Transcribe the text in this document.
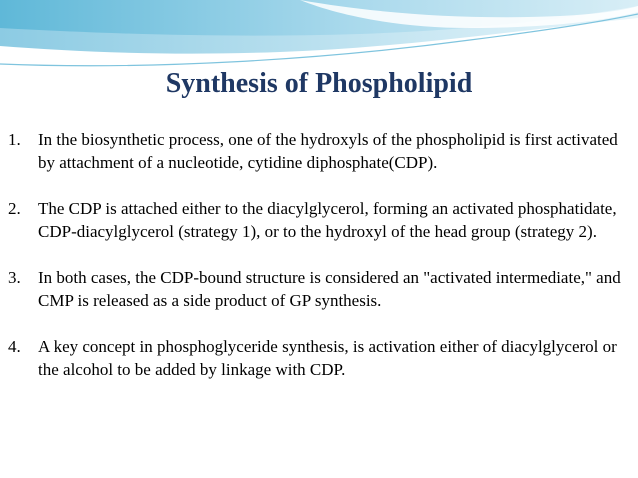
Synthesis of Phospholipid
1. In the biosynthetic process, one of the hydroxyls of the phospholipid is first activated by attachment of a nucleotide, cytidine diphosphate(CDP).
2. The CDP is attached either to the diacylglycerol, forming an activated phosphatidate, CDP-diacylglycerol (strategy 1), or to the hydroxyl of the head group (strategy 2).
3. In both cases, the CDP-bound structure is considered an "activated intermediate," and CMP is released as a side product of GP synthesis.
4. A key concept in phosphoglyceride synthesis, is activation either of diacylglycerol or the alcohol to be added by linkage with CDP.
